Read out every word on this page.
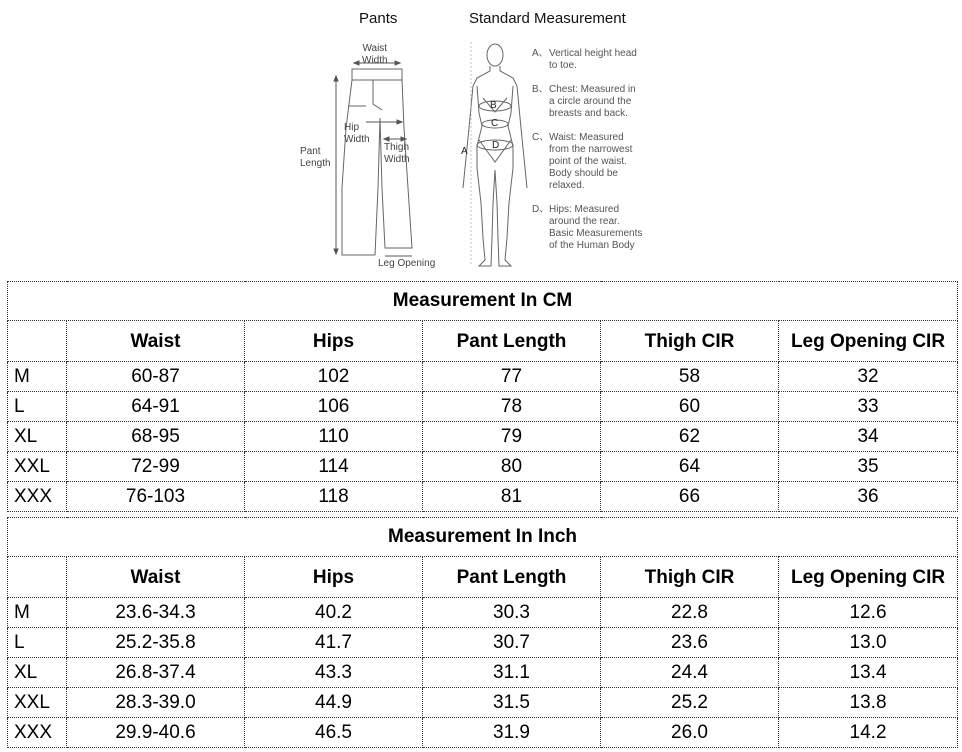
Pants	Standard Measurement
Waist
Width
Hip
Width
Pant
Length
Thigh
Width
Leg Opening
B
C
D
A
A、 Vertical height head
to toe.
B、 Chest: Measured in
a circle around the
breasts and back.
C、 Waist: Measured
from the narrowest
point of the waist.
Body should be
relaxed.
D、 Hips: Measured
around the rear.
Basic Measurements
of the Human Body
Measurement In CM					
	Waist	Hips	Pant Length	Thigh CIR	Leg Opening CIR
M	60-87	102	77	58	32
L	64-91	106	78	60	33
XL	68-95	110	79	62	34
XXL	72-99	114	80	64	35
XXX	76-103	118	81	66	36
Measurement In Inch					
	Waist	Hips	Pant Length	Thigh CIR	Leg Opening CIR
M	23.6-34.3	40.2	30.3	22.8	12.6
L	25.2-35.8	41.7	30.7	23.6	13.0
XL	26.8-37.4	43.3	31.1	24.4	13.4
XXL	28.3-39.0	44.9	31.5	25.2	13.8
XXX	29.9-40.6	46.5	31.9	26.0	14.2
